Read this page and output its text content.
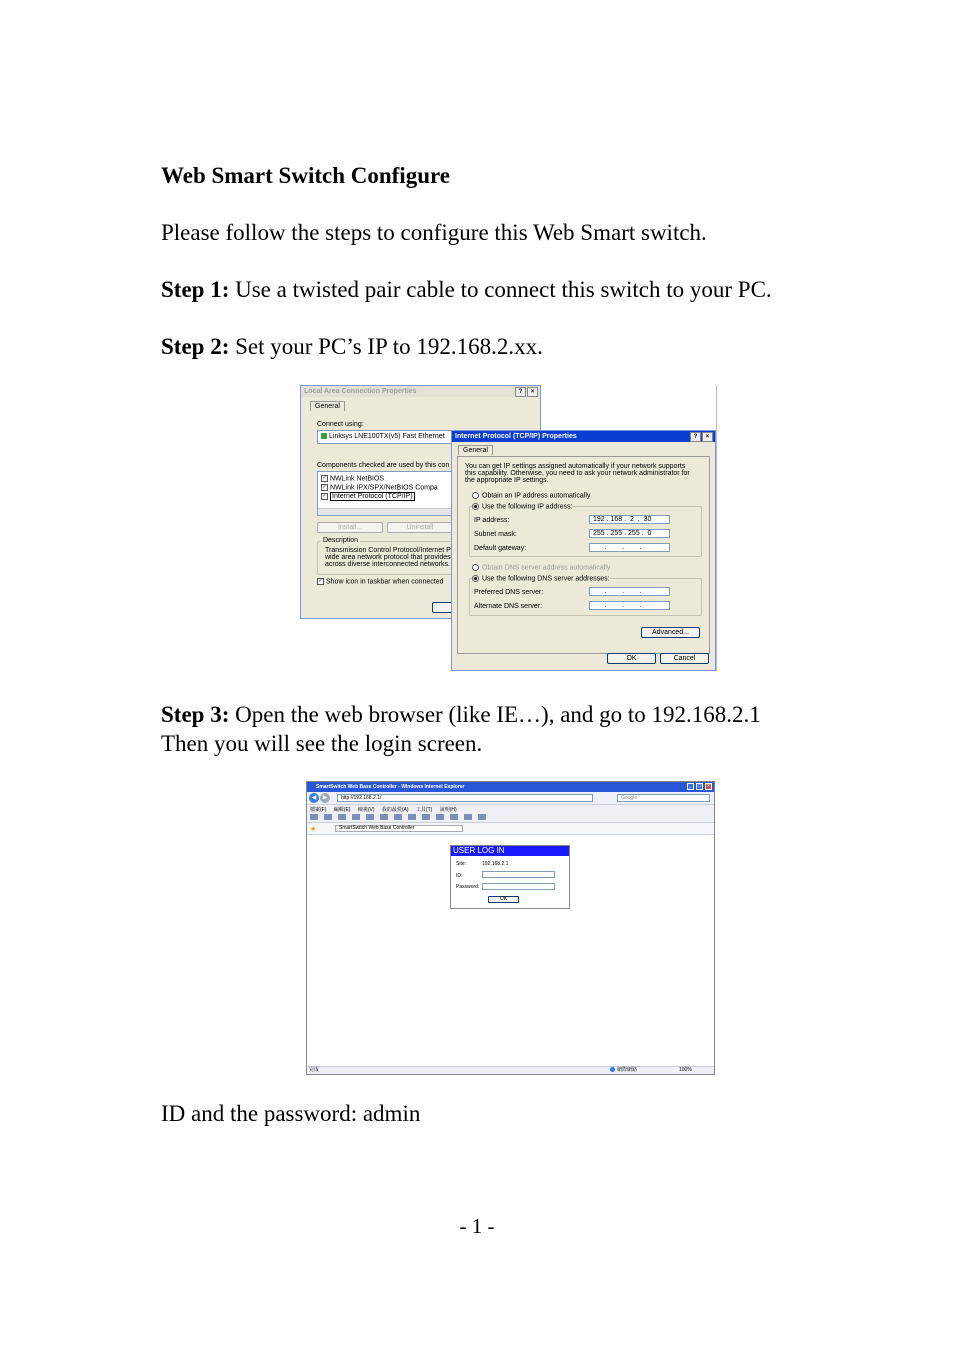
Web Smart Switch Configure
Please follow the steps to configure this Web Smart switch.
Step 1: Use a twisted pair cable to connect this switch to your PC.
Step 2: Set your PC’s IP to 192.168.2.xx.
Local Area Connection Properties	?	×
General
Connect using:
Linksys LNE100TX(v5) Fast Ethernet
Components checked are used by this con
✓ NWLink NetBIOS
✓ NWLink IPX/SPX/NetBIOS Compa
✓ Internet Protocol (TCP/IP)
Install...	Uninstall
Description
Transmission Control Protocol/Internet P
wide area network protocol that provides
across diverse interconnected networks.
✓ Show icon in taskbar when connected
Internet Protocol (TCP/IP) Properties	?	×
General
You can get IP settings assigned automatically if your network supports
this capability. Otherwise, you need to ask your network administrator for
the appropriate IP settings.
Obtain an IP address automatically
Use the following IP address:
IP address:	192 . 168 .  2  .  30
Subnet mask:	255 . 255 . 255 .  0
Default gateway:	.        .        .
Obtain DNS server address automatically
Use the following DNS server addresses:
Preferred DNS server:	.        .        .
Alternate DNS server:	.        .        .
Advanced...
OK	Cancel
Step 3: Open the web browser (like IE…), and go to 192.168.2.1
Then you will see the login screen.
SmartSwitch Web Base Controller - Windows Internet Explorer	_	□	×
◀	▶	http://192.168.2.1/	Google
檔案(F) 編輯(E) 檢視(V) 我的最愛(A) 工具(T) 說明(H)
★	SmartSwitch Web Base Controller
USER LOG IN
Site:	192.168.2.1
ID:
Password:
OK
完成	網際網路	100%
ID and the password: admin
- 1 -
